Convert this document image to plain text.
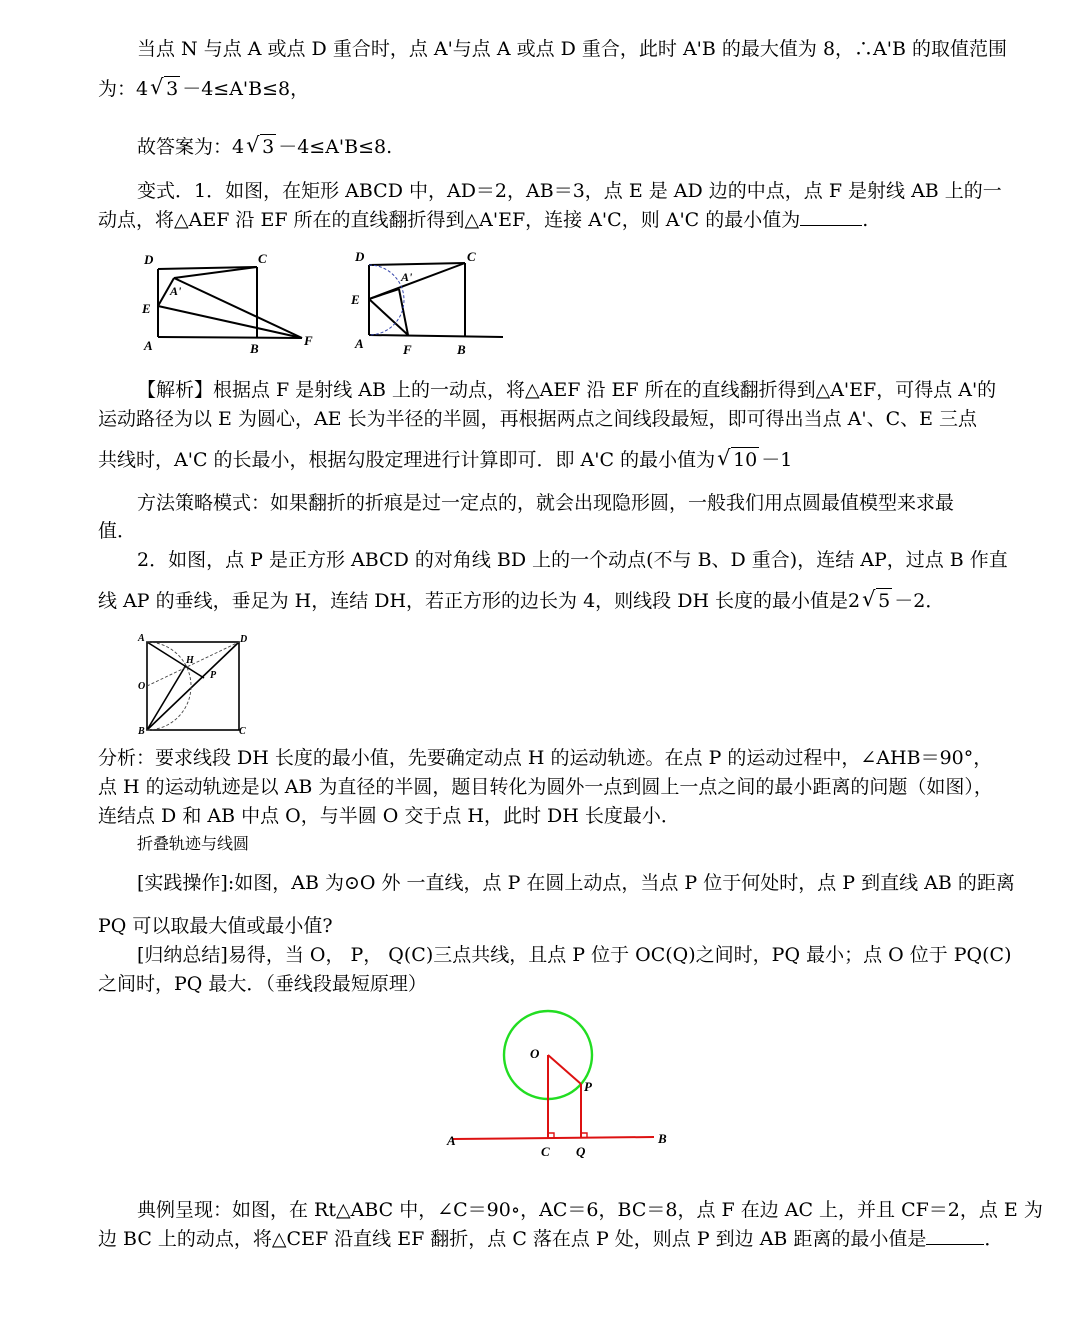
当点 N 与点 A 或点 D 重合时，点 A'与点 A 或点 D 重合，此时 A'B 的最大值为 8，∴A'B 的取值范围
为：4 √ 3 －4≤A'B≤8，
故答案为：4 √ 3 －4≤A'B≤8.
变式．1．如图，在矩形 ABCD 中，AD＝2，AB＝3，点 E 是 AD 边的中点，点 F 是射线 AB 上的一
动点，将△AEF 沿 EF 所在的直线翻折得到△A'EF，连接 A'C，则 A'C 的最小值为	.
D	C
A'
E
A	B
F
D	C
A'
E
A	F	B
【解析】根据点 F 是射线 AB 上的一动点，将△AEF 沿 EF 所在的直线翻折得到△A'EF，可得点 A'的
运动路径为以 E 为圆心，AE 长为半径的半圆，再根据两点之间线段最短，即可得出当点 A'、C、E 三点
共线时，A'C 的长最小，根据勾股定理进行计算即可．即 A'C 的最小值为 √ 10 －1
方法策略模式：如果翻折的折痕是过一定点的，就会出现隐形圆，一般我们用点圆最值模型来求最
值．
2．如图，点 P 是正方形 ABCD 的对角线 BD 上的一个动点(不与 B、D 重合)，连结 AP，过点 B 作直
线 AP 的垂线，垂足为 H，连结 DH，若正方形的边长为 4，则线段 DH 长度的最小值是2 √ 5 －2．
A	D
H
P
O
B	C
分析：要求线段 DH 长度的最小值，先要确定动点 H 的运动轨迹。在点 P 的运动过程中，∠AHB＝90°，
点 H 的运动轨迹是以 AB 为直径的半圆，题目转化为圆外一点到圆上一点之间的最小距离的问题（如图），
连结点 D 和 AB 中点 O，与半圆 O 交于点 H，此时 DH 长度最小．
折叠轨迹与线圆
[实践操作]:如图，AB 为⊙O 外 一直线，点 P 在圆上动点，当点 P 位于何处时，点 P 到直线 AB 的距离
PQ 可以取最大值或最小值?
[归纳总结]易得，当 O， P， Q(C)三点共线，且点 P 位于 OC(Q)之间时，PQ 最小；点 O 位于 PQ(C)
之间时，PQ 最大．（垂线段最短原理）
O
P
A	B
C Q
典例呈现：如图，在 Rt△ABC 中，∠C＝90∘，AC＝6，BC＝8，点 F 在边 AC 上，并且 CF＝2，点 E 为
边 BC 上的动点，将△CEF 沿直线 EF 翻折，点 C 落在点 P 处，则点 P 到边 AB 距离的最小值是	．
